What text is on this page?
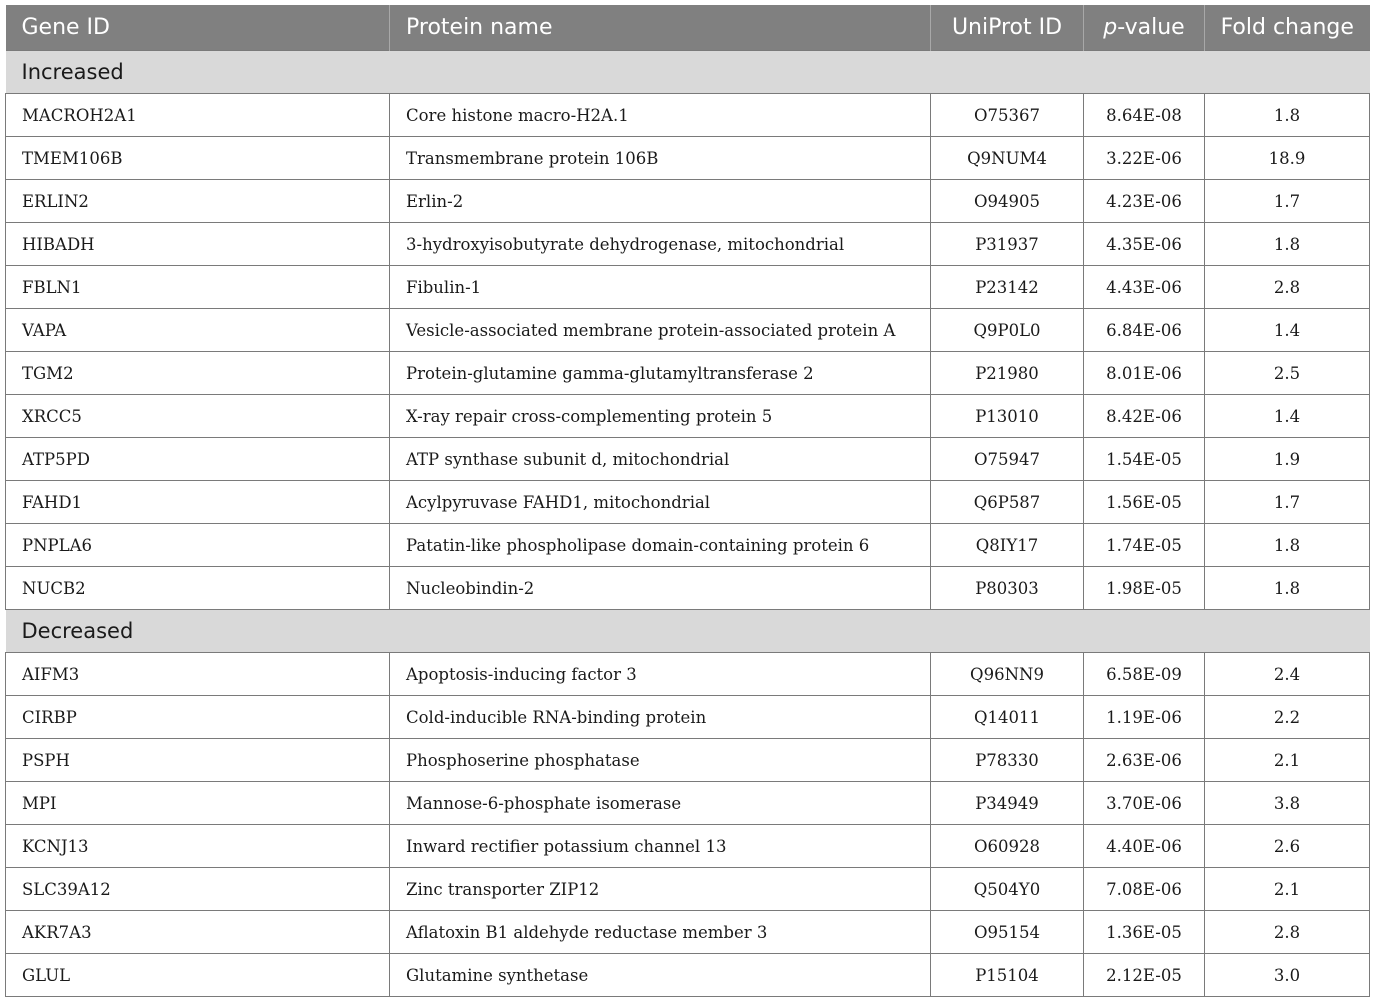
Gene ID	Protein name	UniProt ID	p-value	Fold change
Increased				
MACROH2A1	Core histone macro-H2A.1	O75367	8.64E-08	1.8
TMEM106B	Transmembrane protein 106B	Q9NUM4	3.22E-06	18.9
ERLIN2	Erlin-2	O94905	4.23E-06	1.7
HIBADH	3-hydroxyisobutyrate dehydrogenase, mitochondrial	P31937	4.35E-06	1.8
FBLN1	Fibulin-1	P23142	4.43E-06	2.8
VAPA	Vesicle-associated membrane protein-associated protein A	Q9P0L0	6.84E-06	1.4
TGM2	Protein-glutamine gamma-glutamyltransferase 2	P21980	8.01E-06	2.5
XRCC5	X-ray repair cross-complementing protein 5	P13010	8.42E-06	1.4
ATP5PD	ATP synthase subunit d, mitochondrial	O75947	1.54E-05	1.9
FAHD1	Acylpyruvase FAHD1, mitochondrial	Q6P587	1.56E-05	1.7
PNPLA6	Patatin-like phospholipase domain-containing protein 6	Q8IY17	1.74E-05	1.8
NUCB2	Nucleobindin-2	P80303	1.98E-05	1.8
Decreased				
AIFM3	Apoptosis-inducing factor 3	Q96NN9	6.58E-09	2.4
CIRBP	Cold-inducible RNA-binding protein	Q14011	1.19E-06	2.2
PSPH	Phosphoserine phosphatase	P78330	2.63E-06	2.1
MPI	Mannose-6-phosphate isomerase	P34949	3.70E-06	3.8
KCNJ13	Inward rectifier potassium channel 13	O60928	4.40E-06	2.6
SLC39A12	Zinc transporter ZIP12	Q504Y0	7.08E-06	2.1
AKR7A3	Aflatoxin B1 aldehyde reductase member 3	O95154	1.36E-05	2.8
GLUL	Glutamine synthetase	P15104	2.12E-05	3.0
